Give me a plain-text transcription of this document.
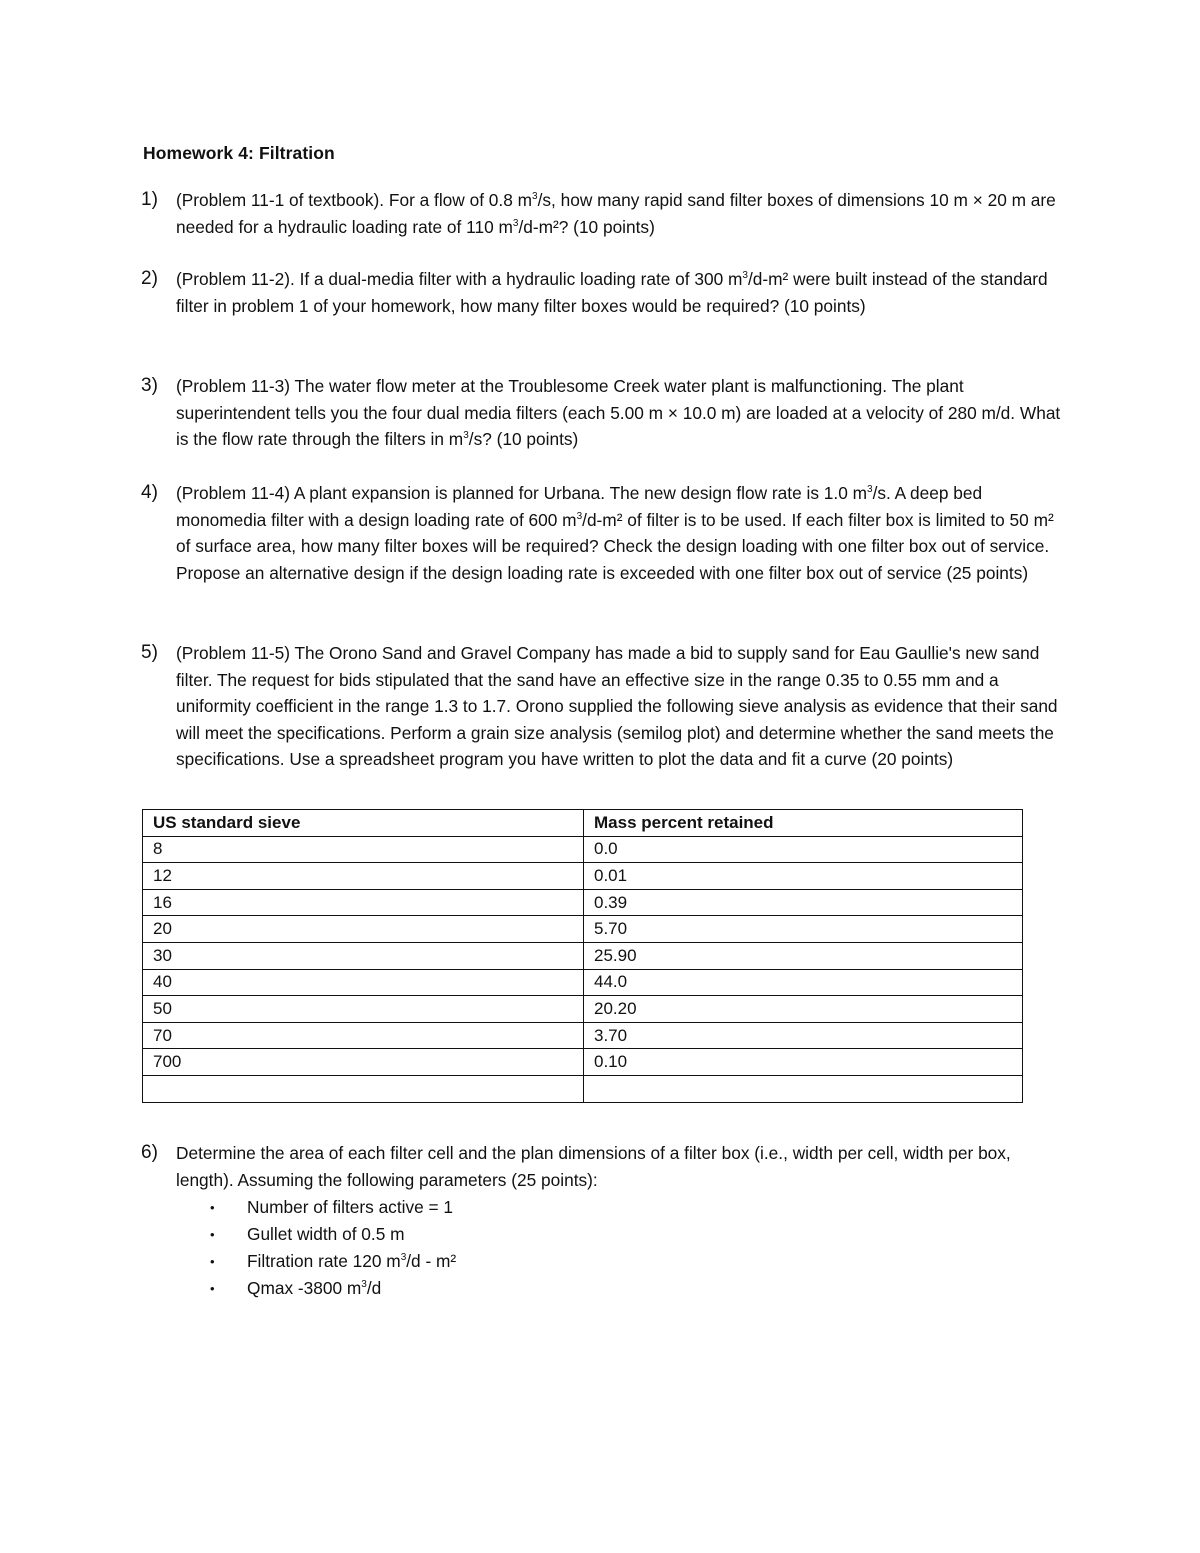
Homework 4: Filtration
1) (Problem 11-1 of textbook). For a flow of 0.8 $m^3/s$, how many rapid sand filter boxes of dimensions 10 m × 20 m are needed for a hydraulic loading rate of 110 $m^3/d-m^2$? (10 points)
2) (Problem 11-2). If a dual-media filter with a hydraulic loading rate of 300 $m^3/d-m^2$ were built instead of the standard filter in problem 1 of your homework, how many filter boxes would be required? (10 points)
3) (Problem 11-3) The water flow meter at the Troublesome Creek water plant is malfunctioning. The plant superintendent tells you the four dual media filters (each 5.00 m × 10.0 m) are loaded at a velocity of 280 m/d. What is the flow rate through the filters in $m^3/s$? (10 points)
4) (Problem 11-4) A plant expansion is planned for Urbana. The new design flow rate is 1.0 $m^3/s$. A deep bed monomedia filter with a design loading rate of 600 $m^3/d-m^2$ of filter is to be used. If each filter box is limited to 50 m² of surface area, how many filter boxes will be required? Check the design loading with one filter box out of service. Propose an alternative design if the design loading rate is exceeded with one filter box out of service (25 points)
5) (Problem 11-5) The Orono Sand and Gravel Company has made a bid to supply sand for Eau Gaullie's new sand filter. The request for bids stipulated that the sand have an effective size in the range 0.35 to 0.55 mm and a uniformity coefficient in the range 1.3 to 1.7. Orono supplied the following sieve analysis as evidence that their sand will meet the specifications. Perform a grain size analysis (semilog plot) and determine whether the sand meets the specifications. Use a spreadsheet program you have written to plot the data and fit a curve (20 points)
US standard sieve	Mass percent retained
8	0.0
12	0.01
16	0.39
20	5.70
30	25.90
40	44.0
50	20.20
70	3.70
700	0.10

6) Determine the area of each filter cell and the plan dimensions of a filter box (i.e., width per cell, width per box, length). Assuming the following parameters (25 points):
• Number of filters active = 1
• Gullet width of 0.5 m
• Filtration rate 120 $m^3/d - m^2$
• Qmax -3800 $m^3/d$
